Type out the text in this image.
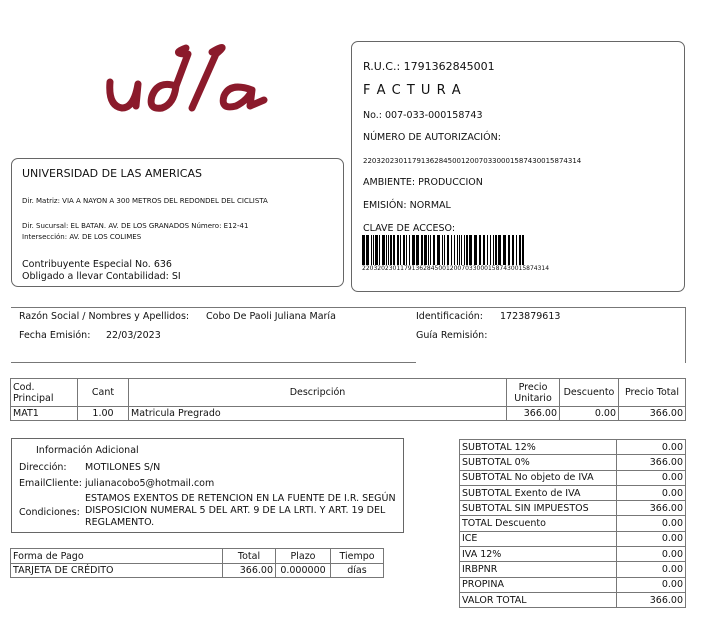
UNIVERSIDAD DE LAS AMERICAS
Dir. Matriz: VIA A NAYON A 300 METROS DEL REDONDEL DEL CICLISTA
Dir. Sucursal: EL BATAN. AV. DE LOS GRANADOS Número: E12-41
Intersección: AV. DE LOS COLIMES
Contribuyente Especial No. 636
Obligado a llevar Contabilidad: SI
R.U.C.: 1791362845001
F A C T U R A
No.: 007-033-000158743
NÚMERO DE AUTORIZACIÓN:
2203202301179136284500120070330001587430015874314
AMBIENTE: PRODUCCION
EMISIÓN: NORMAL
CLAVE DE ACCESO:
2203202301179136284500120070330001587430015874314
Razón Social / Nombres y Apellidos: Cobo De Paoli Juliana María	Identificación: 1723879613
Fecha Emisión: 22/03/2023	Guía Remisión:
Cod. Principal	Cant	Descripción	Precio Unitario	Descuento	Precio Total
MAT1	1.00	Matricula Pregrado	366.00	0.00	366.00
Información Adicional
Dirección: MOTILONES S/N
EmailCliente: julianacobo5@hotmail.com
Condiciones:
ESTAMOS EXENTOS DE RETENCION EN LA FUENTE DE I.R. SEGÚN DISPOSICION NUMERAL 5 DEL ART. 9 DE LA LRTI. Y ART. 19 DEL REGLAMENTO.
Forma de Pago	Total	Plazo	Tiempo
TARJETA DE CRÉDITO	366.00	0.000000	días
SUBTOTAL 12%	0.00
SUBTOTAL 0%	366.00
SUBTOTAL No objeto de IVA	0.00
SUBTOTAL Exento de IVA	0.00
SUBTOTAL SIN IMPUESTOS	366.00
TOTAL Descuento	0.00
ICE	0.00
IVA 12%	0.00
IRBPNR	0.00
PROPINA	0.00
VALOR TOTAL	366.00
